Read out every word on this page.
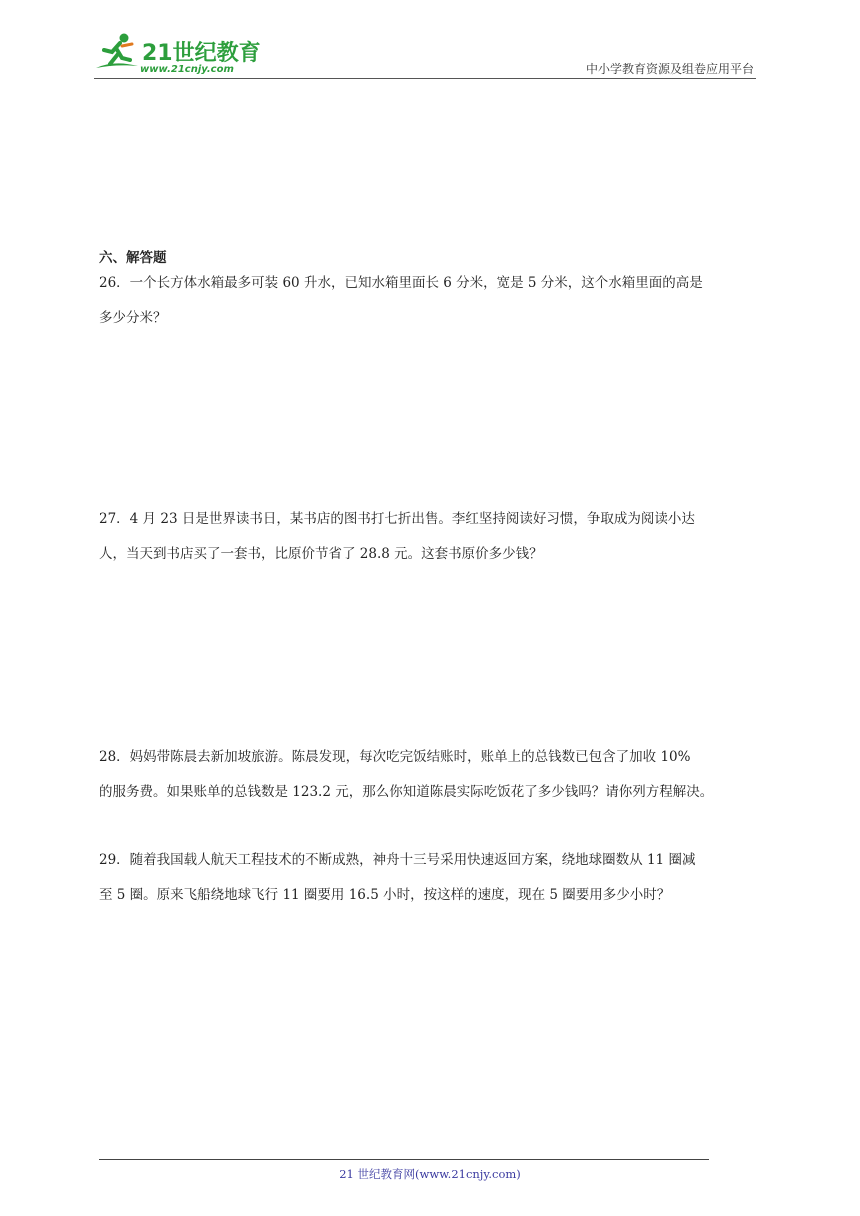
21世纪教育
www.21cnjy.com	中小学教育资源及组卷应用平台
六、解答题

26．一个长方体水箱最多可装 60 升水，已知水箱里面长 6 分米，宽是 5 分米，这个水箱里面的高是

多少分米？

27．4 月 23 日是世界读书日，某书店的图书打七折出售。李红坚持阅读好习惯，争取成为阅读小达

人，当天到书店买了一套书，比原价节省了 28.8 元。这套书原价多少钱？

28．妈妈带陈晨去新加坡旅游。陈晨发现，每次吃完饭结账时，账单上的总钱数已包含了加收 10%

的服务费。如果账单的总钱数是 123.2 元，那么你知道陈晨实际吃饭花了多少钱吗？请你列方程解决。

29．随着我国载人航天工程技术的不断成熟，神舟十三号采用快速返回方案，绕地球圈数从 11 圈减

至 5 圈。原来飞船绕地球飞行 11 圈要用 16.5 小时，按这样的速度，现在 5 圈要用多少小时？

21 世纪教育网(www.21cnjy.com)
